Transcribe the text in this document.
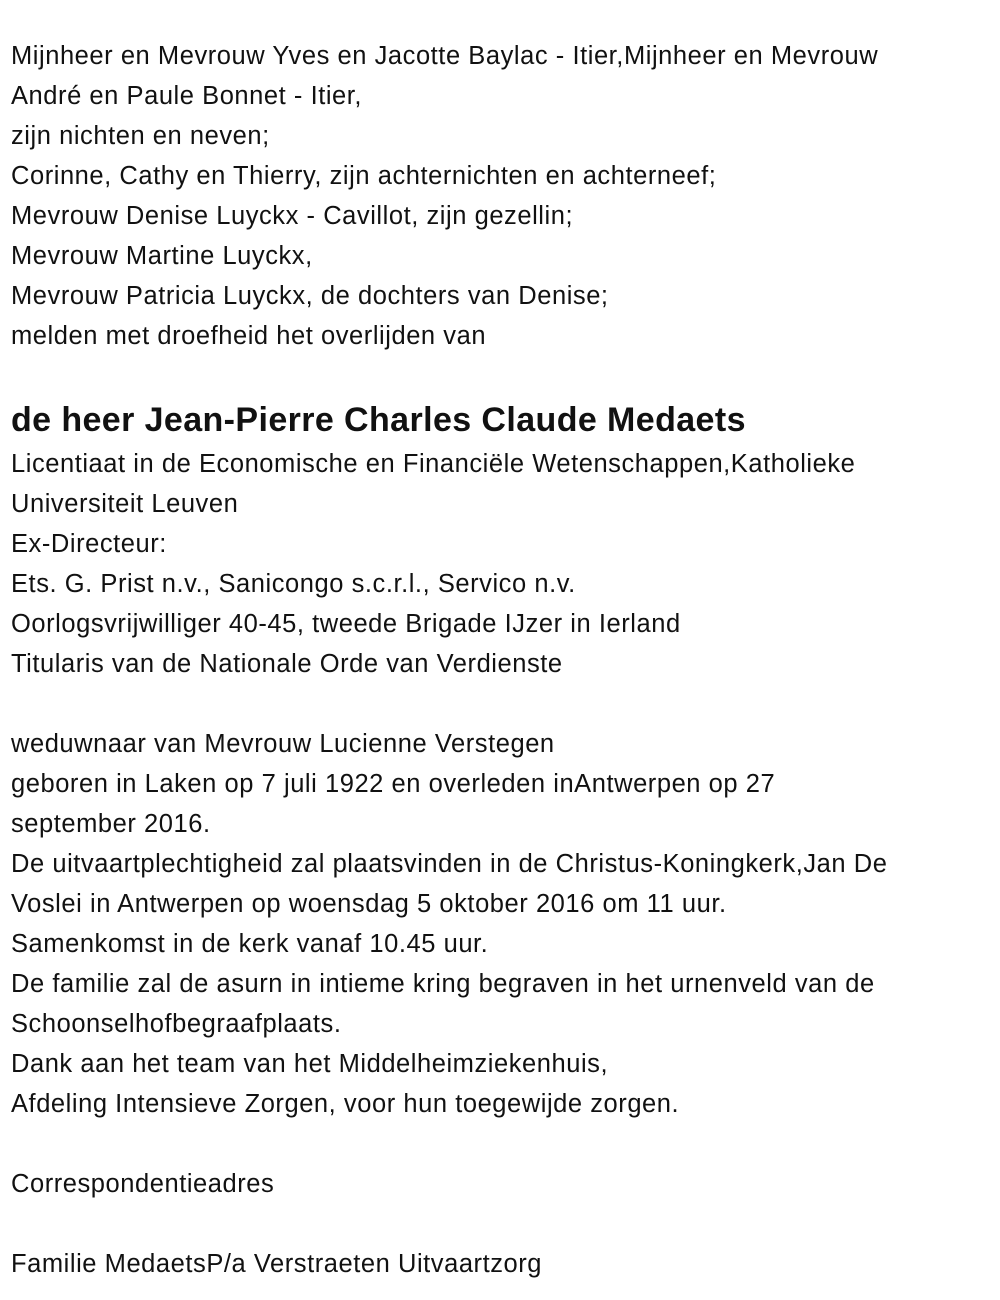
Mijnheer en Mevrouw Yves en Jacotte Baylac - Itier,Mijnheer en Mevrouw
André en Paule Bonnet - Itier,
zijn nichten en neven;
Corinne, Cathy en Thierry, zijn achternichten en achterneef;
Mevrouw Denise Luyckx - Cavillot, zijn gezellin;
Mevrouw Martine Luyckx,
Mevrouw Patricia Luyckx, de dochters van Denise;
melden met droefheid het overlijden van
de heer Jean-Pierre Charles Claude Medaets
Licentiaat in de Economische en Financiële Wetenschappen,Katholieke
Universiteit Leuven
Ex-Directeur:
Ets. G. Prist n.v., Sanicongo s.c.r.l., Servico n.v.
Oorlogsvrijwilliger 40-45, tweede Brigade IJzer in Ierland
Titularis van de Nationale Orde van Verdienste
weduwnaar van Mevrouw Lucienne Verstegen
geboren in Laken op 7 juli 1922 en overleden inAntwerpen op 27
september 2016.
De uitvaartplechtigheid zal plaatsvinden in de Christus-Koningkerk,Jan De
Voslei in Antwerpen op woensdag 5 oktober 2016 om 11 uur.
Samenkomst in de kerk vanaf 10.45 uur.
De familie zal de asurn in intieme kring begraven in het urnenveld van de
Schoonselhofbegraafplaats.
Dank aan het team van het Middelheimziekenhuis,
Afdeling Intensieve Zorgen, voor hun toegewijde zorgen.
Correspondentieadres
Familie MedaetsP/a Verstraeten Uitvaartzorg
